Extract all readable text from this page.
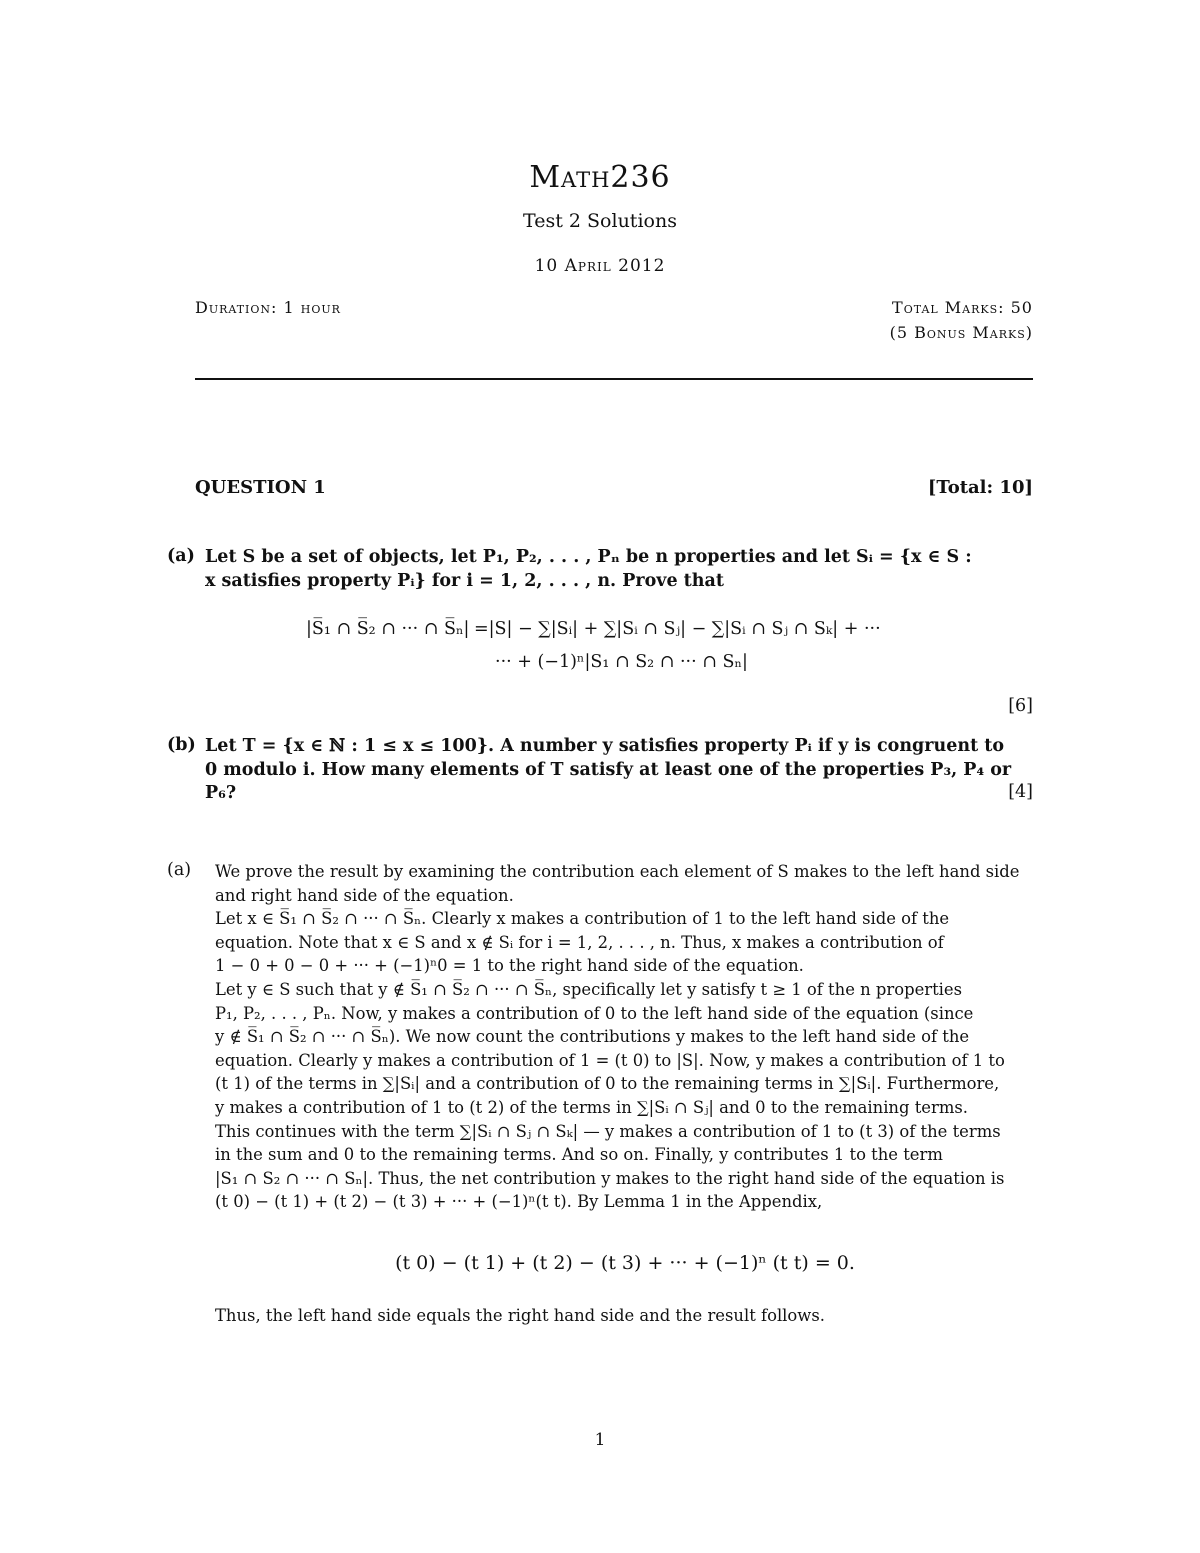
Math236
Test 2 Solutions
10 April 2012
Duration: 1 hour	Total Marks: 50
(5 Bonus Marks)
QUESTION 1	[Total: 10]
(a) Let S be a set of objects, let P₁, P₂, . . . , Pₙ be n properties and let Sᵢ = {x ∈ S :
x satisfies property Pᵢ} for i = 1, 2, . . . , n. Prove that
|S̅₁ ∩ S̅₂ ∩ ··· ∩ S̅ₙ| =|S| − ∑|Sᵢ| + ∑|Sᵢ ∩ Sⱼ| − ∑|Sᵢ ∩ Sⱼ ∩ Sₖ| + ···
··· + (−1)ⁿ|S₁ ∩ S₂ ∩ ··· ∩ Sₙ|
[6]
(b) Let T = {x ∈ ℕ : 1 ≤ x ≤ 100}. A number y satisfies property Pᵢ if y is congruent to
0 modulo i. How many elements of T satisfy at least one of the properties P₃, P₄ or
P₆?	[4]
(a) We prove the result by examining the contribution each element of S makes to the left hand side
and right hand side of the equation.
Let x ∈ S̅₁ ∩ S̅₂ ∩ ··· ∩ S̅ₙ. Clearly x makes a contribution of 1 to the left hand side of the
equation. Note that x ∈ S and x ∉ Sᵢ for i = 1, 2, . . . , n. Thus, x makes a contribution of
1 − 0 + 0 − 0 + ··· + (−1)ⁿ0 = 1 to the right hand side of the equation.
Let y ∈ S such that y ∉ S̅₁ ∩ S̅₂ ∩ ··· ∩ S̅ₙ, specifically let y satisfy t ≥ 1 of the n properties
P₁, P₂, . . . , Pₙ. Now, y makes a contribution of 0 to the left hand side of the equation (since
y ∉ S̅₁ ∩ S̅₂ ∩ ··· ∩ S̅ₙ). We now count the contributions y makes to the left hand side of the
equation. Clearly y makes a contribution of 1 = (t 0) to |S|. Now, y makes a contribution of 1 to
(t 1) of the terms in ∑|Sᵢ| and a contribution of 0 to the remaining terms in ∑|Sᵢ|. Furthermore,
y makes a contribution of 1 to (t 2) of the terms in ∑|Sᵢ ∩ Sⱼ| and 0 to the remaining terms.
This continues with the term ∑|Sᵢ ∩ Sⱼ ∩ Sₖ| — y makes a contribution of 1 to (t 3) of the terms
in the sum and 0 to the remaining terms. And so on. Finally, y contributes 1 to the term
|S₁ ∩ S₂ ∩ ··· ∩ Sₙ|. Thus, the net contribution y makes to the right hand side of the equation is
(t 0) − (t 1) + (t 2) − (t 3) + ··· + (−1)ⁿ(t t). By Lemma 1 in the Appendix,
(t 0) − (t 1) + (t 2) − (t 3) + ··· + (−1)ⁿ (t t) = 0.
Thus, the left hand side equals the right hand side and the result follows.
1
